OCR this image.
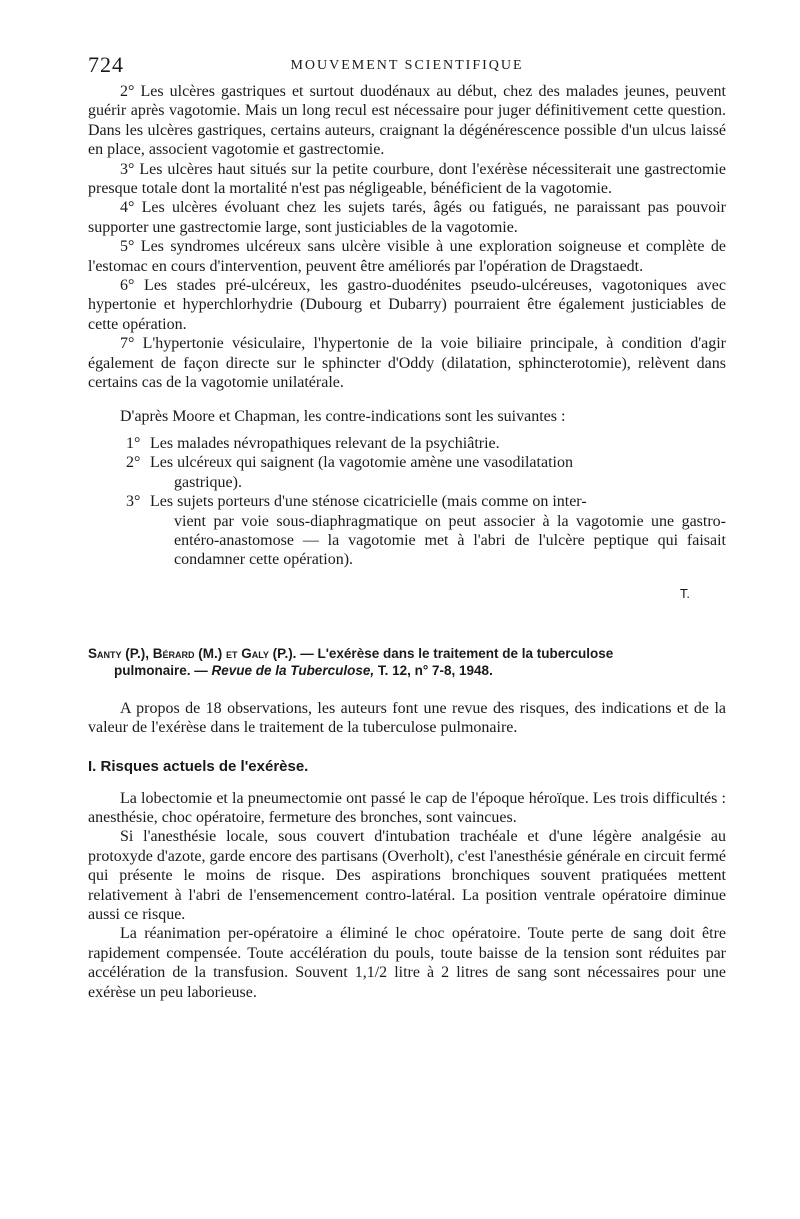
724	MOUVEMENT SCIENTIFIQUE

2° Les ulcères gastriques et surtout duodénaux au début, chez des malades jeunes, peuvent guérir après vagotomie. Mais un long recul est nécessaire pour juger définitivement cette question. Dans les ulcères gastriques, certains auteurs, craignant la dégénérescence possible d'un ulcus laissé en place, associent vagotomie et gastrectomie.

3° Les ulcères haut situés sur la petite courbure, dont l'exérèse nécessiterait une gastrectomie presque totale dont la mortalité n'est pas négligeable, bénéficient de la vagotomie.

4° Les ulcères évoluant chez les sujets tarés, âgés ou fatigués, ne paraissant pas pouvoir supporter une gastrectomie large, sont justiciables de la vagotomie.

5° Les syndromes ulcéreux sans ulcère visible à une exploration soigneuse et complète de l'estomac en cours d'intervention, peuvent être améliorés par l'opération de Dragstaedt.

6° Les stades pré-ulcéreux, les gastro-duodénites pseudo-ulcéreuses, vagotoniques avec hypertonie et hyperchlorhydrie (Dubourg et Dubarry) pourraient être également justiciables de cette opération.

7° L'hypertonie vésiculaire, l'hypertonie de la voie biliaire principale, à condition d'agir également de façon directe sur le sphincter d'Oddy (dilatation, sphincterotomie), relèvent dans certains cas de la vagotomie unilatérale.

D'après Moore et Chapman, les contre-indications sont les suivantes :

1° Les malades névropathiques relevant de la psychiâtrie.
2° Les ulcéreux qui saignent (la vagotomie amène une vasodilatation
gastrique).
3° Les sujets porteurs d'une sténose cicatricielle (mais comme on inter-
vient par voie sous-diaphragmatique on peut associer à la vagotomie une gastro-entéro-anastomose — la vagotomie met à l'abri de l'ulcère peptique qui faisait condamner cette opération).
T.
Santy (P.), Bérard (M.) et Galy (P.). — L'exérèse dans le traitement de la tuberculose
pulmonaire. — Revue de la Tuberculose, T. 12, n° 7-8, 1948.

A propos de 18 observations, les auteurs font une revue des risques, des indications et de la valeur de l'exérèse dans le traitement de la tuberculose pulmonaire.

I. Risques actuels de l'exérèse.

La lobectomie et la pneumectomie ont passé le cap de l'époque héroïque. Les trois difficultés : anesthésie, choc opératoire, fermeture des bronches, sont vaincues.

Si l'anesthésie locale, sous couvert d'intubation trachéale et d'une légère analgésie au protoxyde d'azote, garde encore des partisans (Overholt), c'est l'anesthésie générale en circuit fermé qui présente le moins de risque. Des aspirations bronchiques souvent pratiquées mettent relativement à l'abri de l'ensemencement contro-latéral. La position ventrale opératoire diminue aussi ce risque.

La réanimation per-opératoire a éliminé le choc opératoire. Toute perte de sang doit être rapidement compensée. Toute accélération du pouls, toute baisse de la tension sont réduites par accélération de la transfusion. Souvent 1,1/2 litre à 2 litres de sang sont nécessaires pour une exérèse un peu laborieuse.
